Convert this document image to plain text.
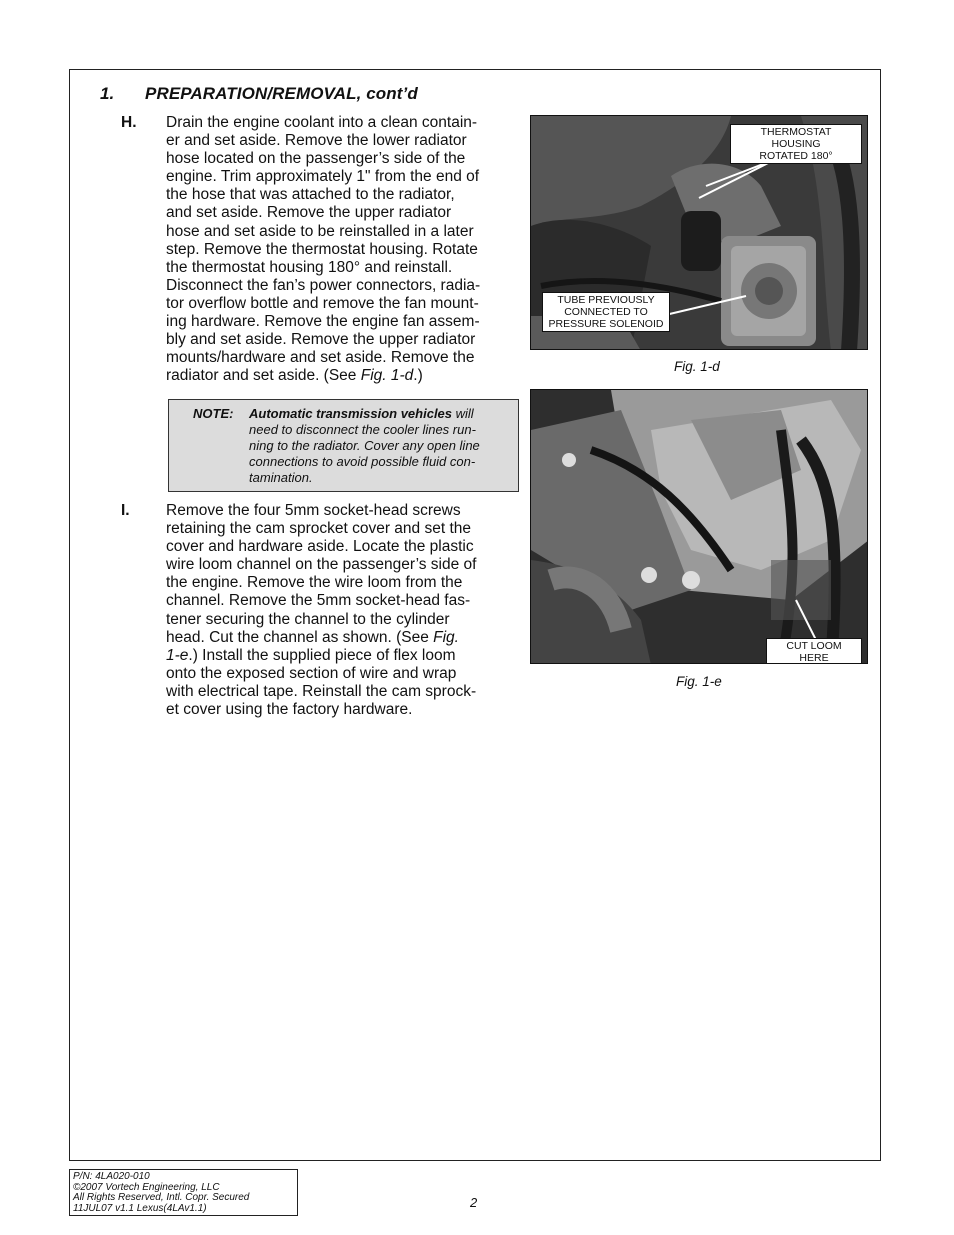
1. PREPARATION/REMOVAL, cont’d
H. Drain the engine coolant into a clean contain-
er and set aside. Remove the lower radiator
hose located on the passenger’s side of the
engine. Trim approximately 1" from the end of
the hose that was attached to the radiator,
and set aside. Remove the upper radiator
hose and set aside to be reinstalled in a later
step. Remove the thermostat housing. Rotate
the thermostat housing 180° and reinstall.
Disconnect the fan’s power connectors, radia-
tor overflow bottle and remove the fan mount-
ing hardware. Remove the engine fan assem-
bly and set aside. Remove the upper radiator
mounts/hardware and set aside. Remove the
radiator and set aside. (See Fig. 1-d.)
NOTE: Automatic transmission vehicles will
need to disconnect the cooler lines run-
ning to the radiator. Cover any open line
connections to avoid possible fluid con-
tamination.
I. Remove the four 5mm socket-head screws
retaining the cam sprocket cover and set the
cover and hardware aside. Locate the plastic
wire loom channel on the passenger’s side of
the engine. Remove the wire loom from the
channel. Remove the 5mm socket-head fas-
tener securing the channel to the cylinder
head. Cut the channel as shown. (See Fig.
1-e.) Install the supplied piece of flex loom
onto the exposed section of wire and wrap
with electrical tape. Reinstall the cam sprock-
et cover using the factory hardware.
THERMOSTAT HOUSING
ROTATED 180°
TUBE PREVIOUSLY
CONNECTED TO
PRESSURE SOLENOID
Fig. 1-d
CUT LOOM HERE
Fig. 1-e
P/N: 4LA020-010
©2007 Vortech Engineering, LLC
All Rights Reserved, Intl. Copr. Secured
11JUL07 v1.1 Lexus(4LAv1.1)	2
